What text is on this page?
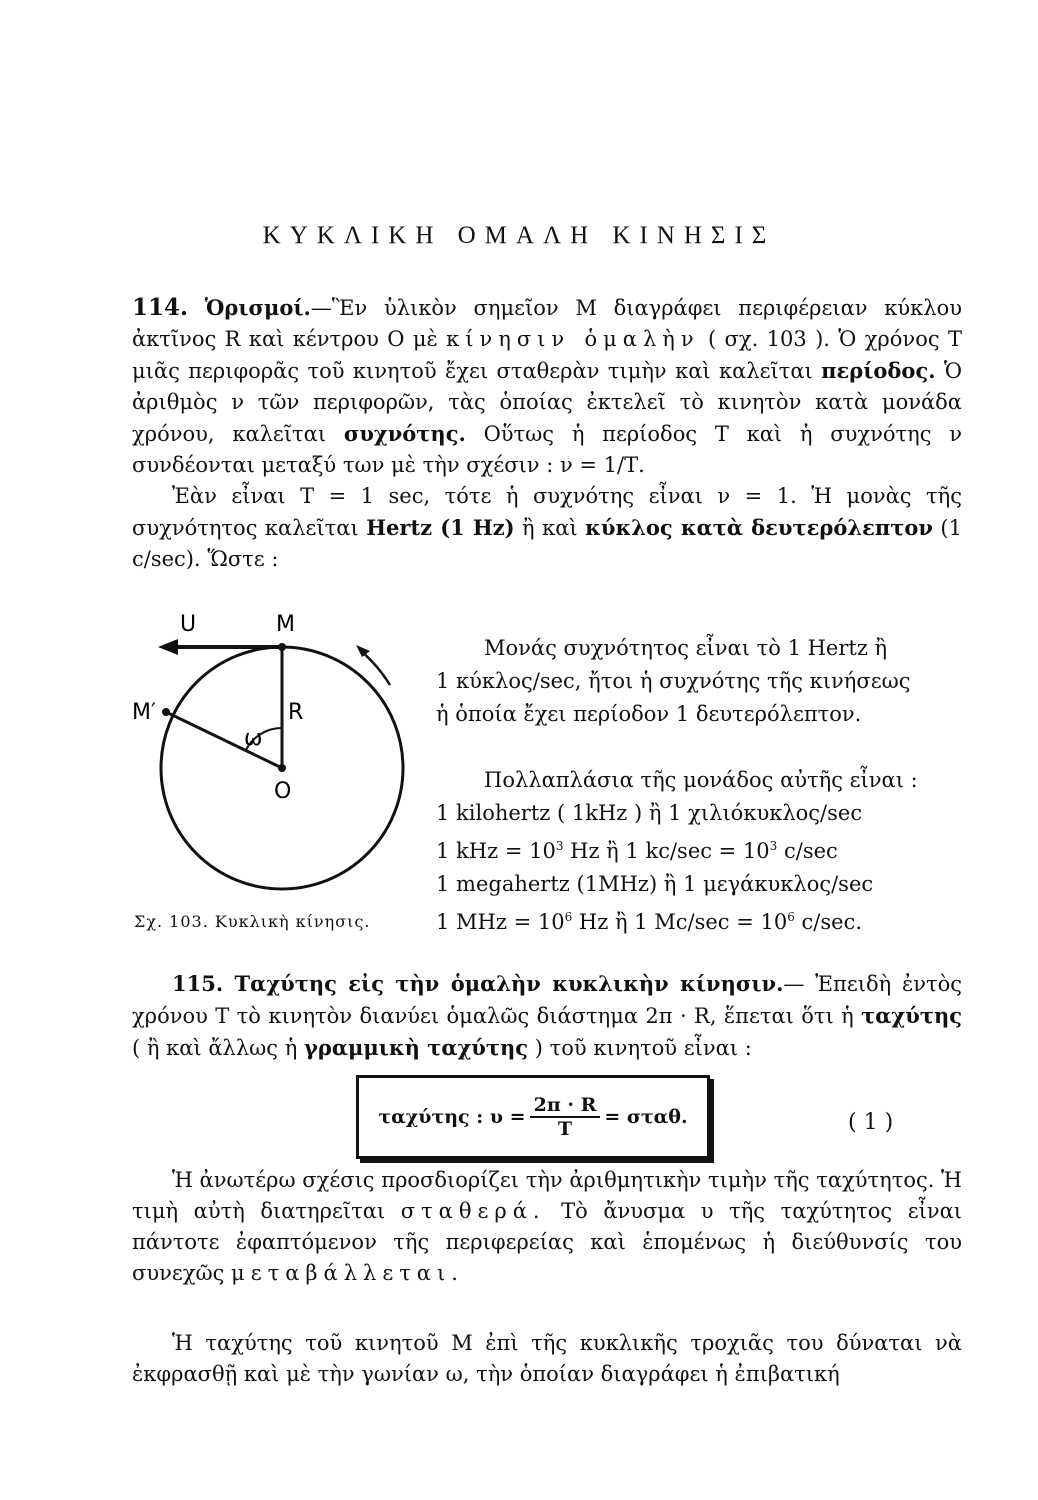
ΚΥΚΛΙΚΗ ΟΜΑΛΗ ΚΙΝΗΣΙΣ
114. Ὁρισμοί.—Ἓν ὑλικὸν σημεῖον Μ διαγράφει περιφέρειαν κύκλου ἀκτῖνος R καὶ κέντρου Ο μὲ κίνησιν ὁμαλὴν ( σχ. 103 ). Ὁ χρόνος Τ μιᾶς περιφορᾶς τοῦ κινητοῦ ἔχει σταθερὰν τιμὴν καὶ καλεῖται περίοδος. Ὁ ἀριθμὸς ν τῶν περιφορῶν, τὰς ὁποίας ἐκτελεῖ τὸ κινητὸν κατὰ μονάδα χρόνου, καλεῖται συχνότης. Οὕτως ἡ περίοδος Τ καὶ ἡ συχνότης ν συνδέονται μεταξύ των μὲ τὴν σχέσιν : ν = 1/Τ.
Ἐὰν εἶναι Τ = 1 sec, τότε ἡ συχνότης εἶναι ν = 1. Ἡ μονὰς τῆς συχνότητος καλεῖται Hertz (1 Hz) ἢ καὶ κύκλος κατὰ δευτερόλεπτον (1 c/sec). Ὥστε :
U	M
M′	R
ω
O
Σχ. 103. Κυκλικὴ κίνησις.
Μονάς συχνότητος εἶναι τὸ 1 Hertz ἢ
1 κύκλος/sec, ἤτοι ἡ συχνότης τῆς κινήσεως
ἡ ὁποία ἔχει περίοδον 1 δευτερόλεπτον.
Πολλαπλάσια τῆς μονάδος αὐτῆς εἶναι :
1 kilohertz ( 1kHz ) ἢ 1 χιλιόκυκλος/sec
1 kHz = $10^3$ Hz ἢ 1 $kc/\sec = 10^3$ c/sec
1 megahertz (1MHz) ἢ 1 μεγάκυκλος/sec
1 MHz = $10^6$ Hz ἢ 1 $Mc/\sec = 10^6$ c/sec.
115. Ταχύτης εἰς τὴν ὁμαλὴν κυκλικὴν κίνησιν.— Ἐπειδὴ ἐντὸς χρόνου Τ τὸ κινητὸν διανύει ὁμαλῶς διάστημα 2π · R, ἕπεται ὅτι ἡ ταχύτης ( ἢ καὶ ἄλλως ἡ γραμμικὴ ταχύτης ) τοῦ κινητοῦ εἶναι :
ταχύτης : $\upsilon = \frac{2\pi \cdot R}{T} = \sigma\tau\alpha\theta$.	( 1 )
Ἡ ἀνωτέρω σχέσις προσδιορίζει τὴν ἀριθμητικὴν τιμὴν τῆς ταχύτητος. Ἡ τιμὴ αὐτὴ διατηρεῖται σταθερά. Τὸ ἄνυσμα υ τῆς ταχύτητος εἶναι πάντοτε ἐφαπτόμενον τῆς περιφερείας καὶ ἑπομένως ἡ διεύθυνσίς του συνεχῶς μεταβάλλεται.
Ἡ ταχύτης τοῦ κινητοῦ Μ ἐπὶ τῆς κυκλικῆς τροχιᾶς του δύναται νὰ ἐκφρασθῇ καὶ μὲ τὴν γωνίαν ω, τὴν ὁποίαν διαγράφει ἡ ἐπιβατική
